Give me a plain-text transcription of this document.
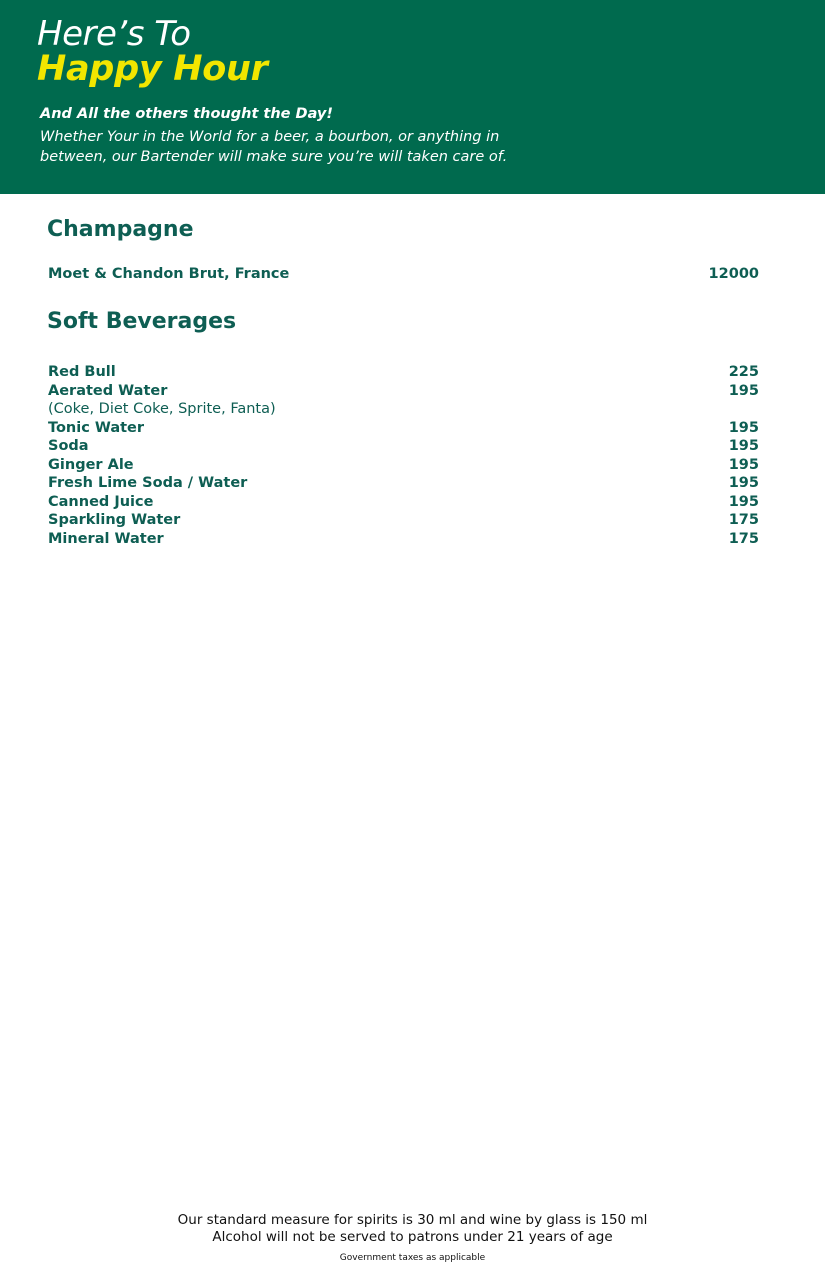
Here’s To
Happy Hour
And All the others thought the Day!
Whether Your in the World for a beer, a bourbon, or anything in between, our Bartender will make sure you’re will taken care of.
Champagne
Moet & Chandon Brut, France	12000
Soft Beverages
Red Bull	225
Aerated Water	195
(Coke, Diet Coke, Sprite, Fanta)
Tonic Water	195
Soda	195
Ginger Ale	195
Fresh Lime Soda / Water	195
Canned Juice	195
Sparkling Water	175
Mineral Water	175
Our standard measure for spirits is 30 ml and wine by glass is 150 ml
Alcohol will not be served to patrons under 21 years of age
Government taxes as applicable
